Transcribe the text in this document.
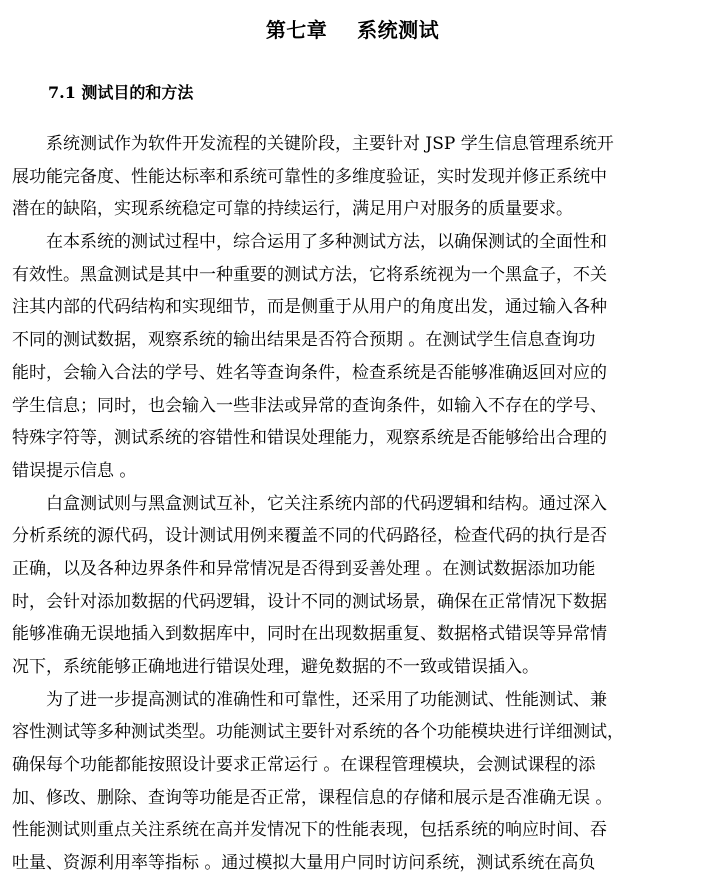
第七章    系统测试
7.1 测试目的和方法
系统测试作为软件开发流程的关键阶段，主要针对 JSP 学生信息管理系统开
展功能完备度、性能达标率和系统可靠性的多维度验证，实时发现并修正系统中
潜在的缺陷，实现系统稳定可靠的持续运行，满足用户对服务的质量要求。
在本系统的测试过程中，综合运用了多种测试方法，以确保测试的全面性和
有效性。黑盒测试是其中一种重要的测试方法，它将系统视为一个黑盒子，不关
注其内部的代码结构和实现细节，而是侧重于从用户的角度出发，通过输入各种
不同的测试数据，观察系统的输出结果是否符合预期 。在测试学生信息查询功
能时，会输入合法的学号、姓名等查询条件，检查系统是否能够准确返回对应的
学生信息；同时，也会输入一些非法或异常的查询条件，如输入不存在的学号、
特殊字符等，测试系统的容错性和错误处理能力，观察系统是否能够给出合理的
错误提示信息 。
白盒测试则与黑盒测试互补，它关注系统内部的代码逻辑和结构。通过深入
分析系统的源代码，设计测试用例来覆盖不同的代码路径，检查代码的执行是否
正确，以及各种边界条件和异常情况是否得到妥善处理 。在测试数据添加功能
时，会针对添加数据的代码逻辑，设计不同的测试场景，确保在正常情况下数据
能够准确无误地插入到数据库中，同时在出现数据重复、数据格式错误等异常情
况下，系统能够正确地进行错误处理，避免数据的不一致或错误插入。
为了进一步提高测试的准确性和可靠性，还采用了功能测试、性能测试、兼
容性测试等多种测试类型。功能测试主要针对系统的各个功能模块进行详细测试，
确保每个功能都能按照设计要求正常运行 。在课程管理模块，会测试课程的添
加、修改、删除、查询等功能是否正常，课程信息的存储和展示是否准确无误 。
性能测试则重点关注系统在高并发情况下的性能表现，包括系统的响应时间、吞
吐量、资源利用率等指标 。通过模拟大量用户同时访问系统，测试系统在高负
